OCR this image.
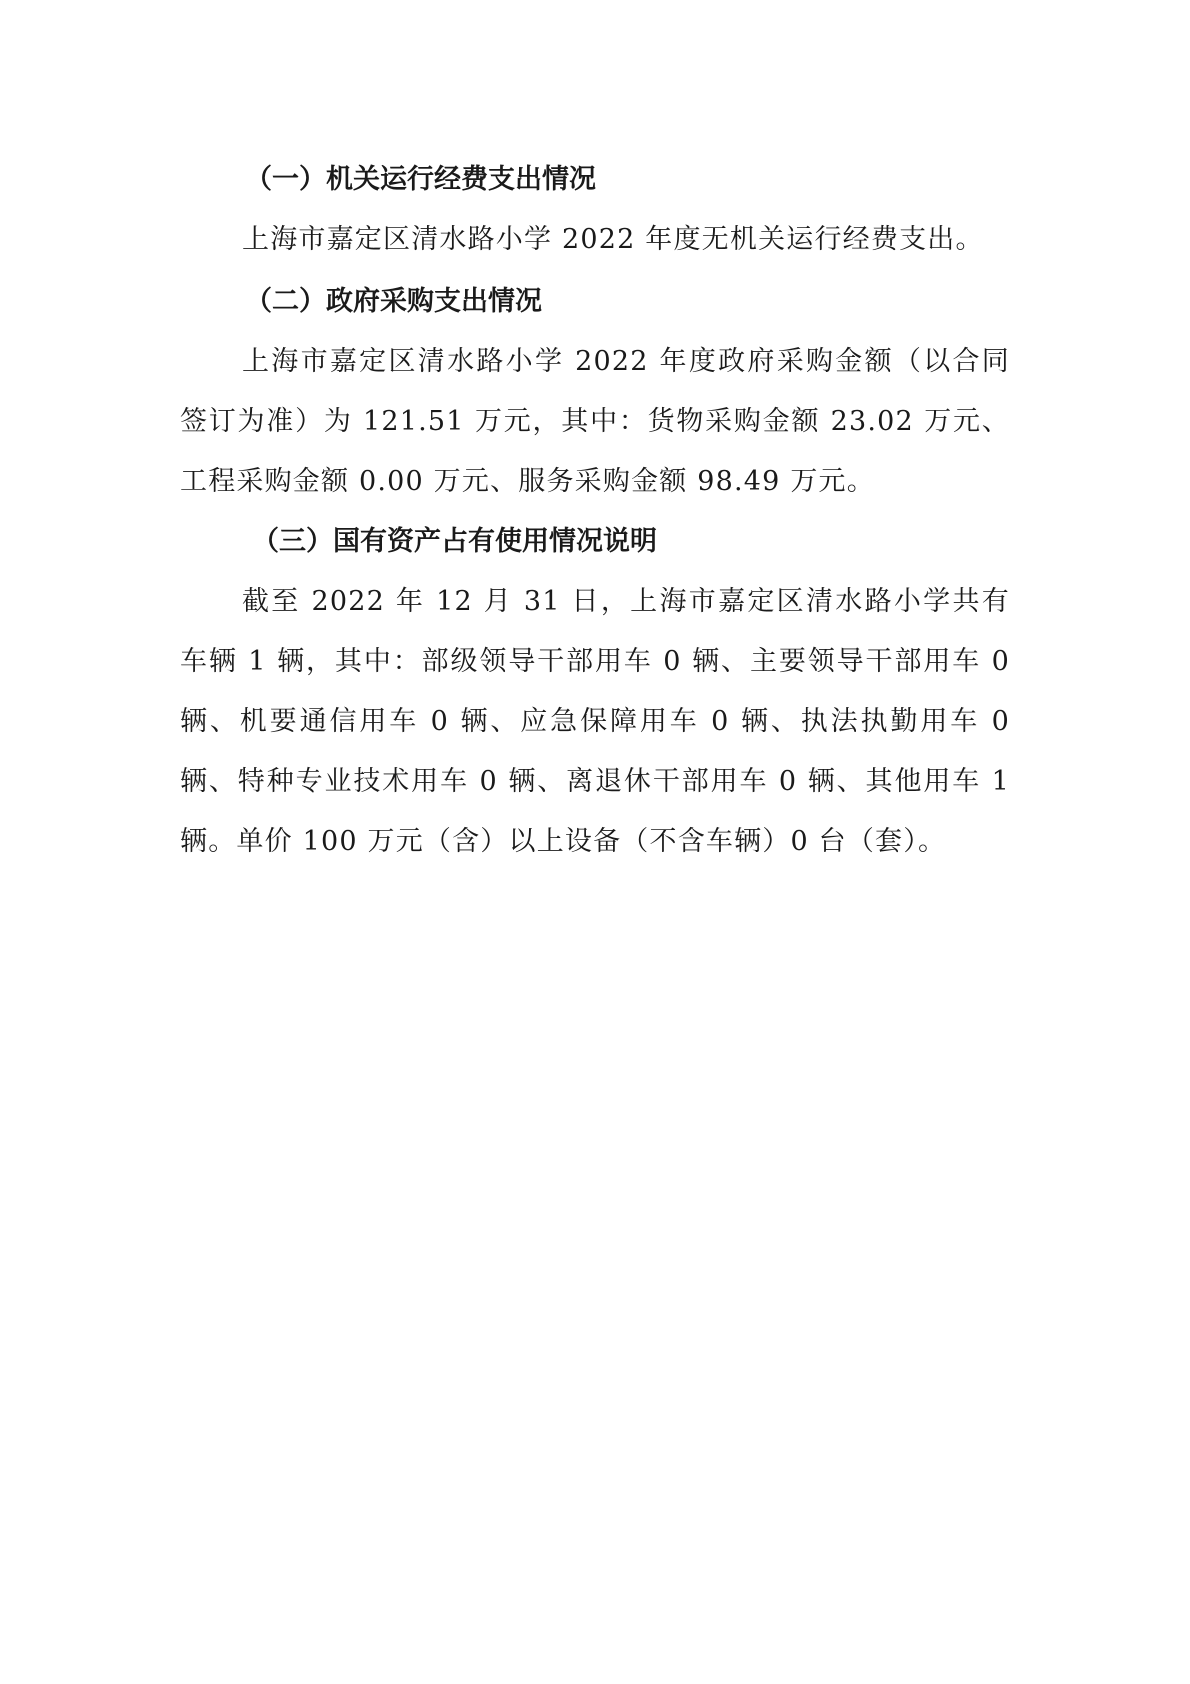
（一）机关运行经费支出情况
上海市嘉定区清水路小学 2022 年度无机关运行经费支出。
（二）政府采购支出情况
上海市嘉定区清水路小学 2022 年度政府采购金额（以合同签订为准）为 121.51 万元，其中：货物采购金额 23.02 万元、工程采购金额 0.00 万元、服务采购金额 98.49 万元。
（三）国有资产占有使用情况说明
截至 2022 年 12 月 31 日，上海市嘉定区清水路小学共有车辆 1 辆，其中：部级领导干部用车 0 辆、主要领导干部用车 0 辆、机要通信用车 0 辆、应急保障用车 0 辆、执法执勤用车 0 辆、特种专业技术用车 0 辆、离退休干部用车 0 辆、其他用车 1 辆。单价 100 万元（含）以上设备（不含车辆）0 台（套）。
